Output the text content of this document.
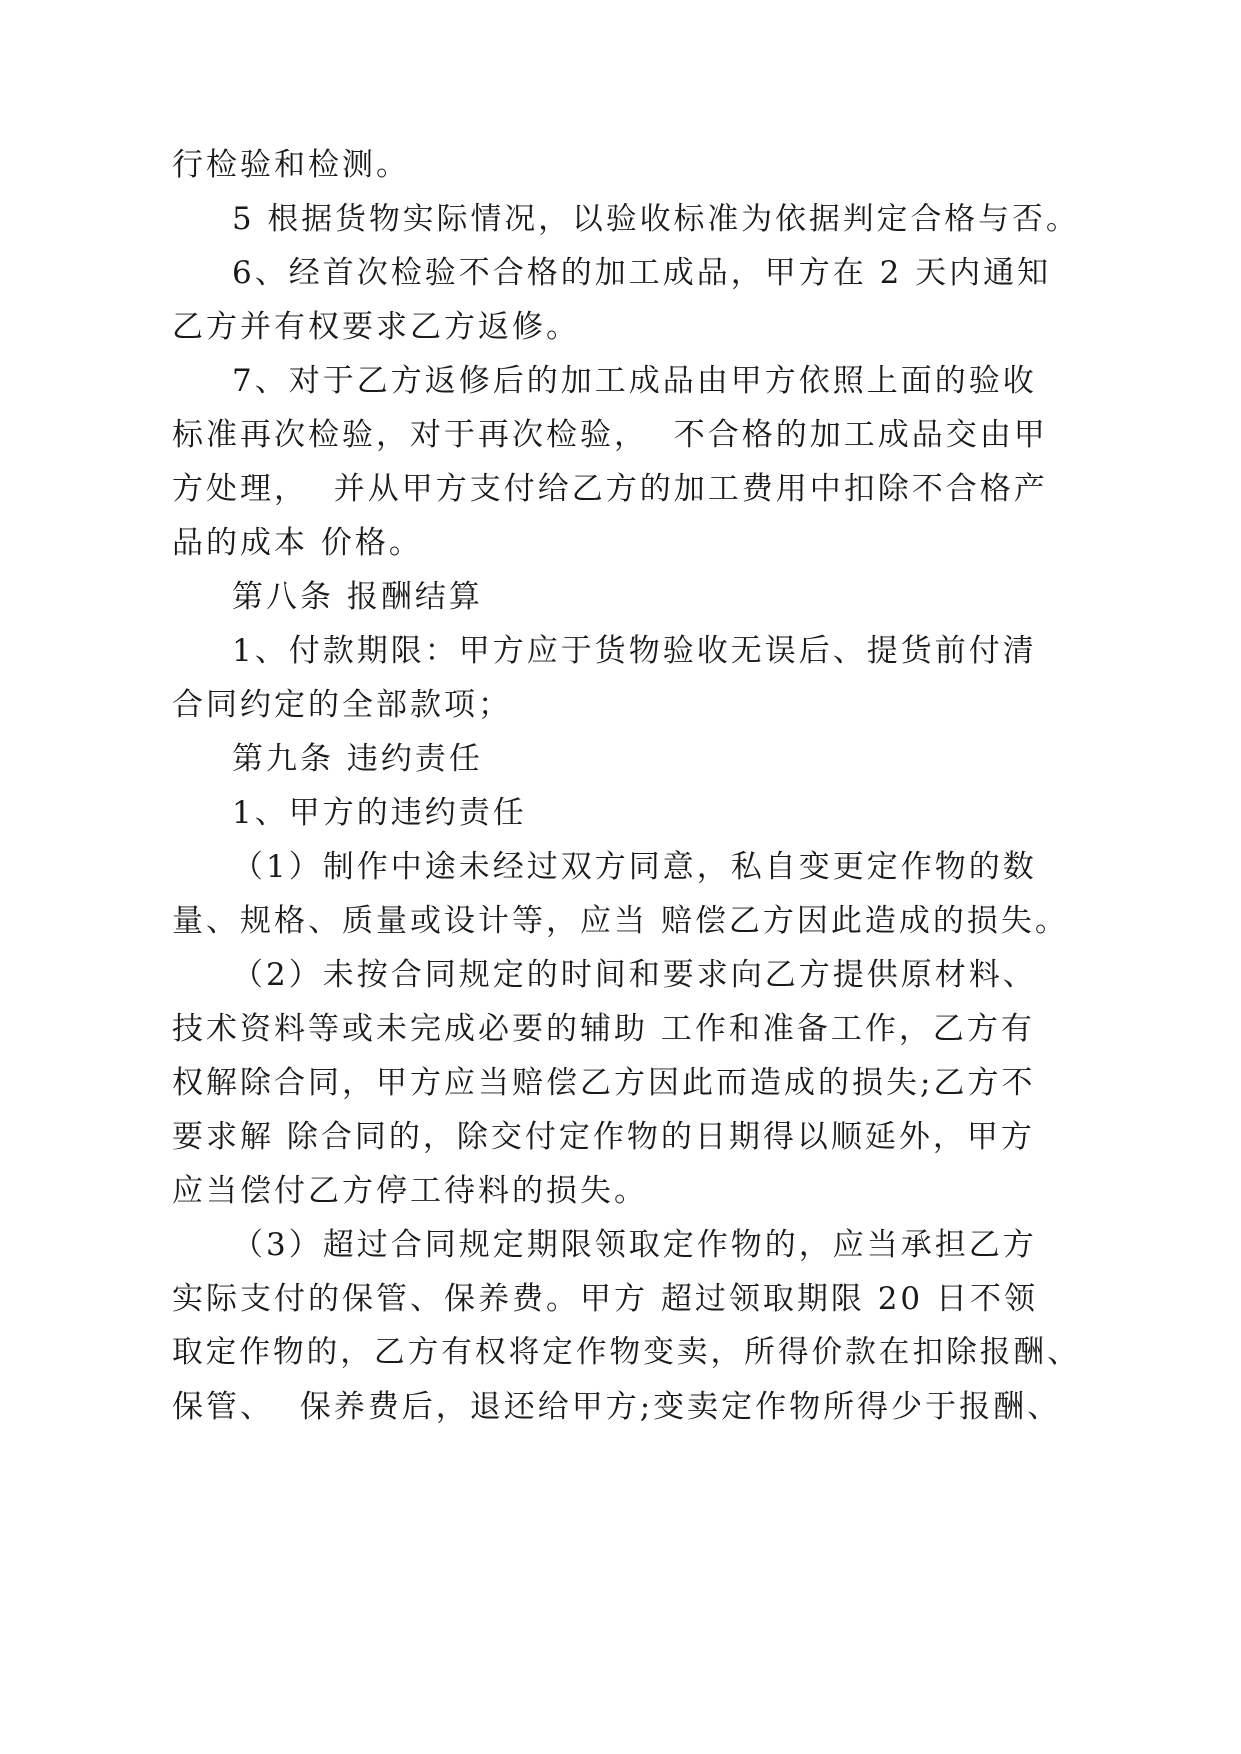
行检验和检测。
5 根据货物实际情况，以验收标准为依据判定合格与否。
6、经首次检验不合格的加工成品，甲方在 2 天内通知
乙方并有权要求乙方返修。
7、对于乙方返修后的加工成品由甲方依照上面的验收
标准再次检验，对于再次检验，  不合格的加工成品交由甲
方处理，  并从甲方支付给乙方的加工费用中扣除不合格产
品的成本 价格。
第八条 报酬结算
1、付款期限：甲方应于货物验收无误后、提货前付清
合同约定的全部款项；
第九条 违约责任
1、甲方的违约责任
（1）制作中途未经过双方同意，私自变更定作物的数
量、规格、质量或设计等，应当 赔偿乙方因此造成的损失。
（2）未按合同规定的时间和要求向乙方提供原材料、
技术资料等或未完成必要的辅助 工作和准备工作，乙方有
权解除合同，甲方应当赔偿乙方因此而造成的损失;乙方不
要求解 除合同的，除交付定作物的日期得以顺延外，甲方
应当偿付乙方停工待料的损失。
（3）超过合同规定期限领取定作物的，应当承担乙方
实际支付的保管、保养费。甲方 超过领取期限 20 日不领
取定作物的，乙方有权将定作物变卖，所得价款在扣除报酬、
保管、  保养费后，退还给甲方;变卖定作物所得少于报酬、
